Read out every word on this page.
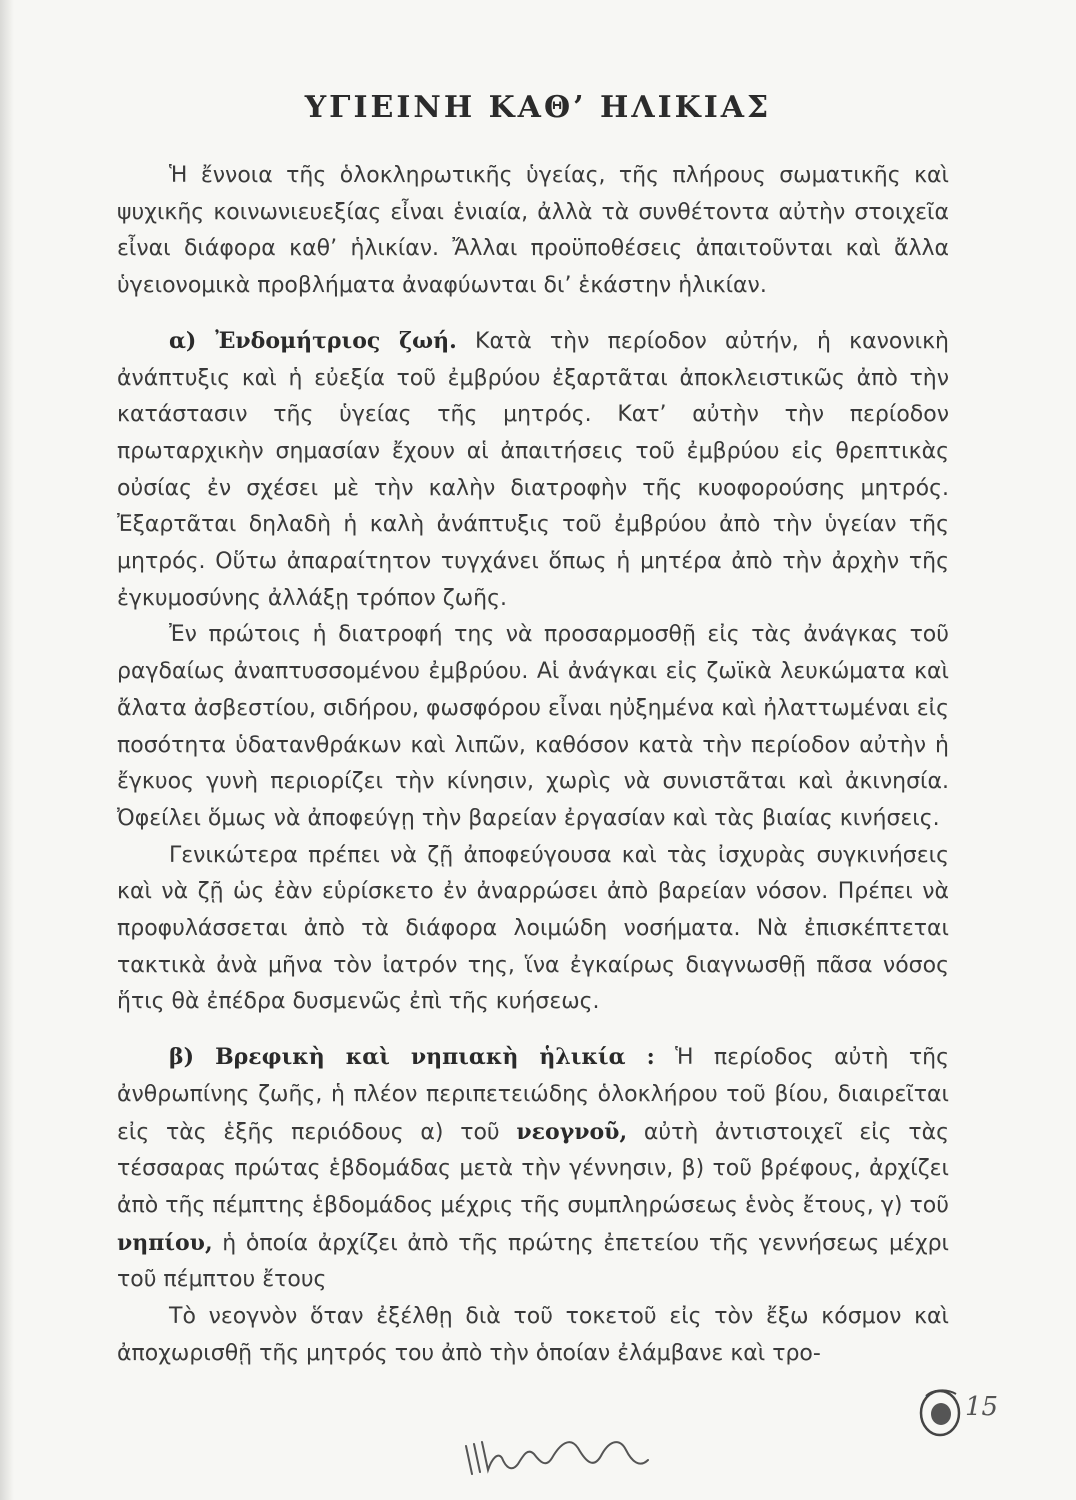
ΥΓΙΕΙΝΗ ΚΑΘ’ ΗΛΙΚΙΑΣ

Ἡ ἔννοια τῆς ὁλοκληρωτικῆς ὑγείας, τῆς πλήρους σωματικῆς καὶ ψυχικῆς κοινωνιευεξίας εἶναι ἑνιαία, ἀλλὰ τὰ συνθέτοντα αὐτὴν στοιχεῖα εἶναι διάφορα καθ’ ἡλικίαν. Ἄλλαι προϋποθέσεις ἀπαιτοῦνται καὶ ἄλλα ὑγειονομικὰ προβλήματα ἀναφύωνται δι’ ἑκάστην ἡλικίαν.

α) Ἐνδομήτριος ζωή. Κατὰ τὴν περίοδον αὐτήν, ἡ κανονικὴ ἀνάπτυξις καὶ ἡ εὐεξία τοῦ ἐμβρύου ἐξαρτᾶται ἀποκλειστικῶς ἀπὸ τὴν κατάστασιν τῆς ὑγείας τῆς μητρός. Κατ’ αὐτὴν τὴν περίοδον πρωταρχικὴν σημασίαν ἔχουν αἱ ἀπαιτήσεις τοῦ ἐμβρύου εἰς θρεπτικὰς οὐσίας ἐν σχέσει μὲ τὴν καλὴν διατροφὴν τῆς κυοφορούσης μητρός. Ἐξαρτᾶται δηλαδὴ ἡ καλὴ ἀνάπτυξις τοῦ ἐμβρύου ἀπὸ τὴν ὑγείαν τῆς μητρός. Οὕτω ἀπαραίτητον τυγχάνει ὅπως ἡ μητέρα ἀπὸ τὴν ἀρχὴν τῆς ἐγκυμοσύνης ἀλλάξῃ τρόπον ζωῆς.

Ἐν πρώτοις ἡ διατροφή της νὰ προσαρμοσθῇ εἰς τὰς ἀνάγκας τοῦ ραγδαίως ἀναπτυσσομένου ἐμβρύου. Αἱ ἀνάγκαι εἰς ζωϊκὰ λευκώματα καὶ ἄλατα ἀσβεστίου, σιδήρου, φωσφόρου εἶναι ηὐξημένα καὶ ἠλαττωμέναι εἰς ποσότητα ὑδατανθράκων καὶ λιπῶν, καθόσον κατὰ τὴν περίοδον αὐτὴν ἡ ἔγκυος γυνὴ περιορίζει τὴν κίνησιν, χωρὶς νὰ συνιστᾶται καὶ ἀκινησία. Ὀφείλει ὅμως νὰ ἀποφεύγῃ τὴν βαρείαν ἐργασίαν καὶ τὰς βιαίας κινήσεις.

Γενικώτερα πρέπει νὰ ζῇ ἀποφεύγουσα καὶ τὰς ἰσχυρὰς συγκινήσεις καὶ νὰ ζῇ ὡς ἐὰν εὑρίσκετο ἐν ἀναρρώσει ἀπὸ βαρείαν νόσον. Πρέπει νὰ προφυλάσσεται ἀπὸ τὰ διάφορα λοιμώδη νοσήματα. Νὰ ἐπισκέπτεται τακτικὰ ἀνὰ μῆνα τὸν ἰατρόν της, ἵνα ἐγκαίρως διαγνωσθῇ πᾶσα νόσος ἥτις θὰ ἐπέδρα δυσμενῶς ἐπὶ τῆς κυήσεως.

β) Βρεφικὴ καὶ νηπιακὴ ἡλικία : Ἡ περίοδος αὐτὴ τῆς ἀνθρωπίνης ζωῆς, ἡ πλέον περιπετειώδης ὁλοκλήρου τοῦ βίου, διαιρεῖται εἰς τὰς ἑξῆς περιόδους α) τοῦ νεογνοῦ, αὐτὴ ἀντιστοιχεῖ εἰς τὰς τέσσαρας πρώτας ἑβδομάδας μετὰ τὴν γέννησιν, β) τοῦ βρέφους, ἀρχίζει ἀπὸ τῆς πέμπτης ἑβδομάδος μέχρις τῆς συμπληρώσεως ἑνὸς ἔτους, γ) τοῦ νηπίου, ἡ ὁποία ἀρχίζει ἀπὸ τῆς πρώτης ἐπετείου τῆς γεννήσεως μέχρι τοῦ πέμπτου ἔτους

Τὸ νεογνὸν ὅταν ἐξέλθῃ διὰ τοῦ τοκετοῦ εἰς τὸν ἔξω κόσμον καὶ ἀποχωρισθῇ τῆς μητρός του ἀπὸ τὴν ὁποίαν ἐλάμβανε καὶ τρο-

15
